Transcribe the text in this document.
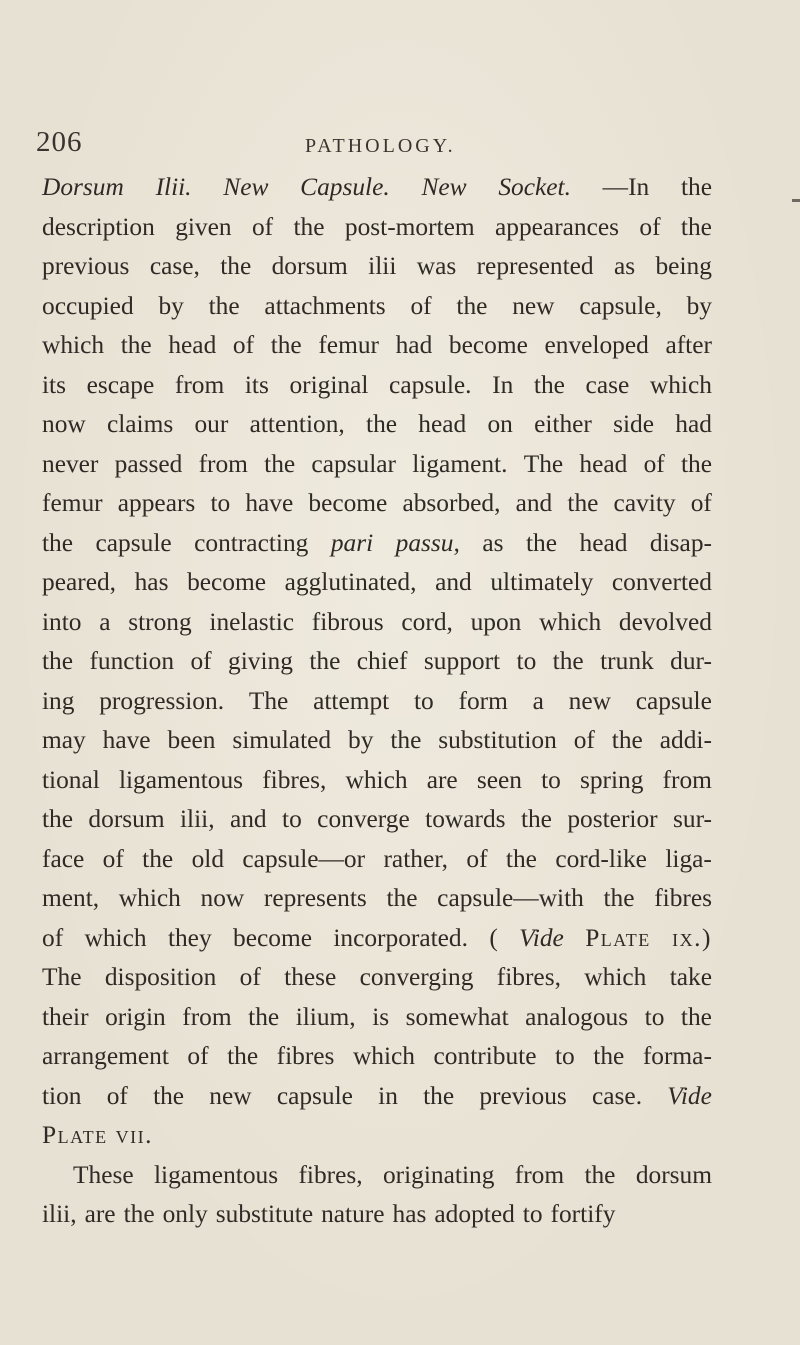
206	PATHOLOGY.
Dorsum Ilii. New Capsule. New Socket. —In the
description given of the post-mortem appearances of the
previous case, the dorsum ilii was represented as being
occupied by the attachments of the new capsule, by
which the head of the femur had become enveloped after
its escape from its original capsule. In the case which
now claims our attention, the head on either side had
never passed from the capsular ligament. The head of the
femur appears to have become absorbed, and the cavity of
the capsule contracting pari passu, as the head disap-
peared, has become agglutinated, and ultimately converted
into a strong inelastic fibrous cord, upon which devolved
the function of giving the chief support to the trunk dur-
ing progression. The attempt to form a new capsule
may have been simulated by the substitution of the addi-
tional ligamentous fibres, which are seen to spring from
the dorsum ilii, and to converge towards the posterior sur-
face of the old capsule—or rather, of the cord-like liga-
ment, which now represents the capsule—with the fibres
of which they become incorporated. ( Vide Plate ix.)
The disposition of these converging fibres, which take
their origin from the ilium, is somewhat analogous to the
arrangement of the fibres which contribute to the forma-
tion of the new capsule in the previous case. Vide
Plate vii.
These ligamentous fibres, originating from the dorsum
ilii, are the only substitute nature has adopted to fortify
